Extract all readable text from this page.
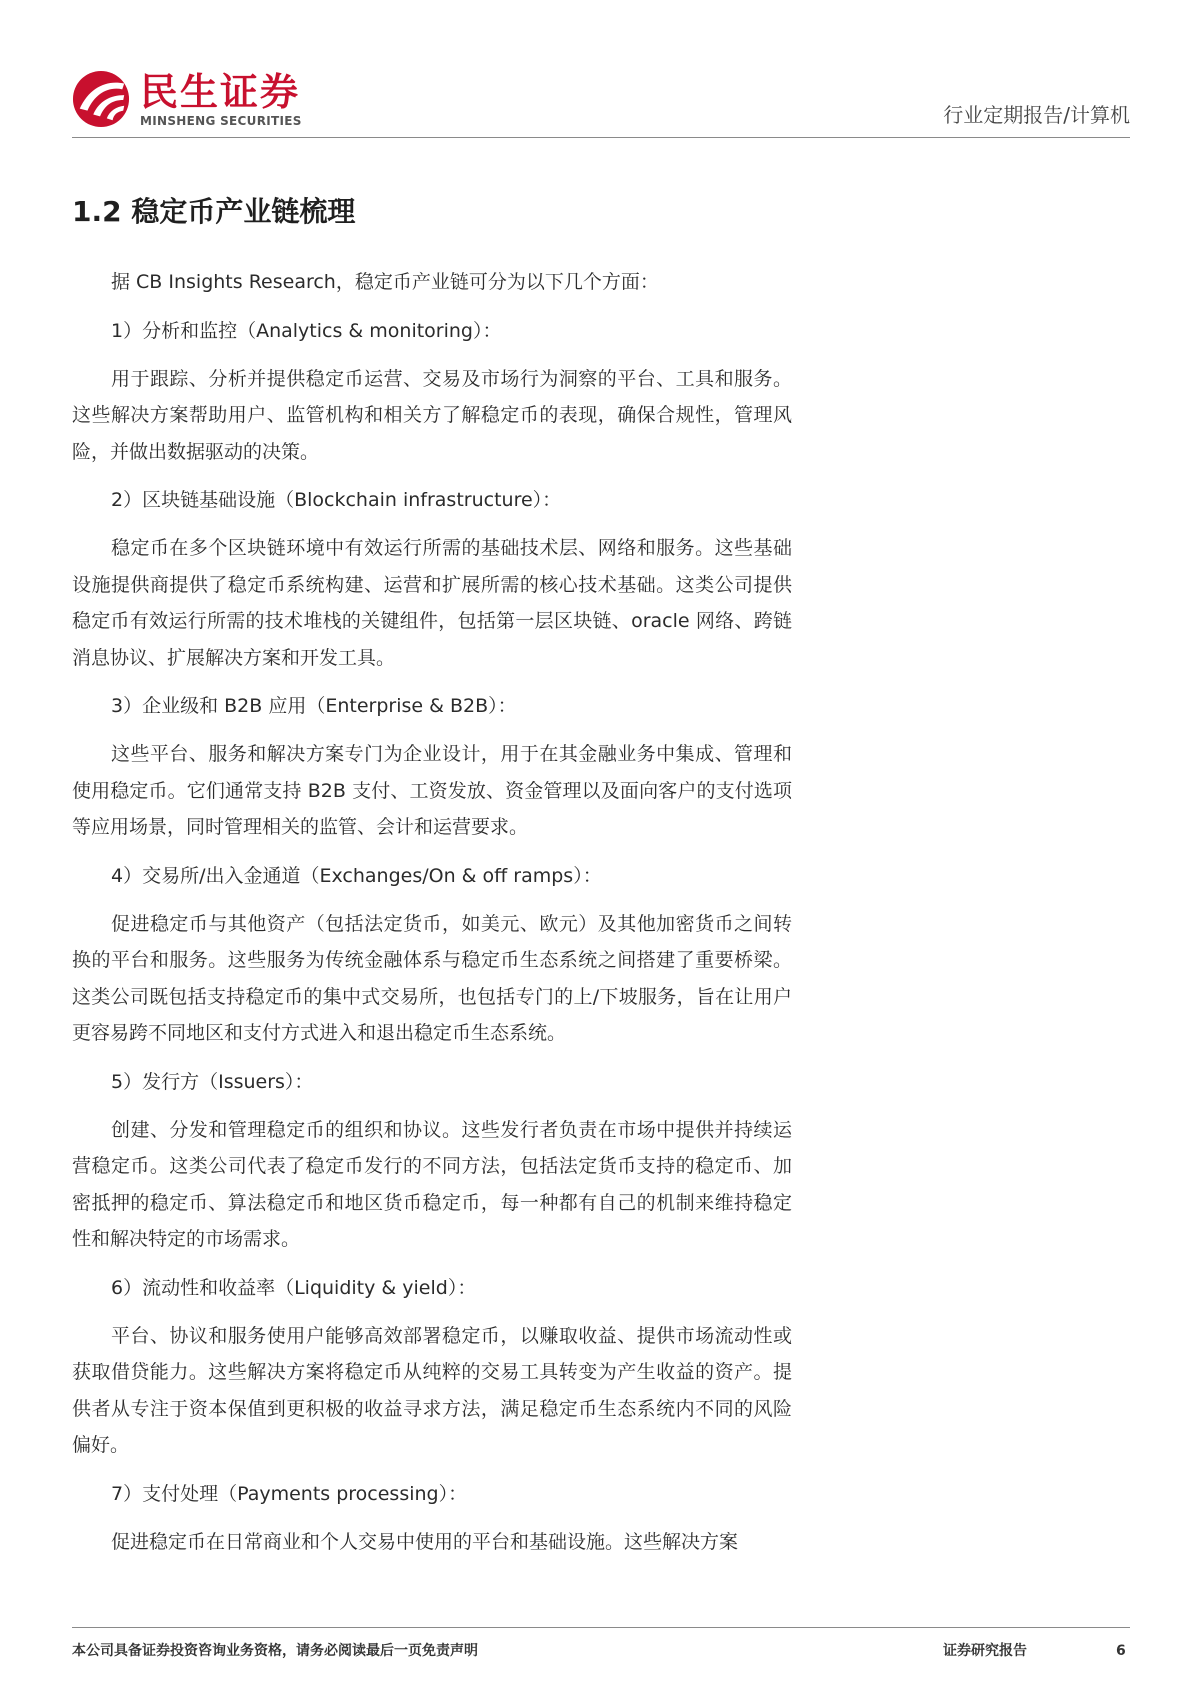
民生证券
MINSHENG SECURITIES	行业定期报告/计算机
1.2 稳定币产业链梳理

据 CB Insights Research，稳定币产业链可分为以下几个方面：

1）分析和监控（Analytics & monitoring）：

用于跟踪、分析并提供稳定币运营、交易及市场行为洞察的平台、工具和服务。这些解决方案帮助用户、监管机构和相关方了解稳定币的表现，确保合规性，管理风险，并做出数据驱动的决策。

2）区块链基础设施（Blockchain infrastructure）：

稳定币在多个区块链环境中有效运行所需的基础技术层、网络和服务。这些基础设施提供商提供了稳定币系统构建、运营和扩展所需的核心技术基础。这类公司提供稳定币有效运行所需的技术堆栈的关键组件，包括第一层区块链、oracle 网络、跨链消息协议、扩展解决方案和开发工具。

3）企业级和 B2B 应用（Enterprise & B2B）：

这些平台、服务和解决方案专门为企业设计，用于在其金融业务中集成、管理和使用稳定币。它们通常支持 B2B 支付、工资发放、资金管理以及面向客户的支付选项等应用场景，同时管理相关的监管、会计和运营要求。

4）交易所/出入金通道（Exchanges/On & off ramps）：

促进稳定币与其他资产（包括法定货币，如美元、欧元）及其他加密货币之间转换的平台和服务。这些服务为传统金融体系与稳定币生态系统之间搭建了重要桥梁。这类公司既包括支持稳定币的集中式交易所，也包括专门的上/下坡服务，旨在让用户更容易跨不同地区和支付方式进入和退出稳定币生态系统。

5）发行方（Issuers）：

创建、分发和管理稳定币的组织和协议。这些发行者负责在市场中提供并持续运营稳定币。这类公司代表了稳定币发行的不同方法，包括法定货币支持的稳定币、加密抵押的稳定币、算法稳定币和地区货币稳定币，每一种都有自己的机制来维持稳定性和解决特定的市场需求。

6）流动性和收益率（Liquidity & yield）：

平台、协议和服务使用户能够高效部署稳定币，以赚取收益、提供市场流动性或获取借贷能力。这些解决方案将稳定币从纯粹的交易工具转变为产生收益的资产。提供者从专注于资本保值到更积极的收益寻求方法，满足稳定币生态系统内不同的风险偏好。

7）支付处理（Payments processing）：

促进稳定币在日常商业和个人交易中使用的平台和基础设施。这些解决方案

本公司具备证券投资咨询业务资格，请务必阅读最后一页免责声明	证券研究报告	6
